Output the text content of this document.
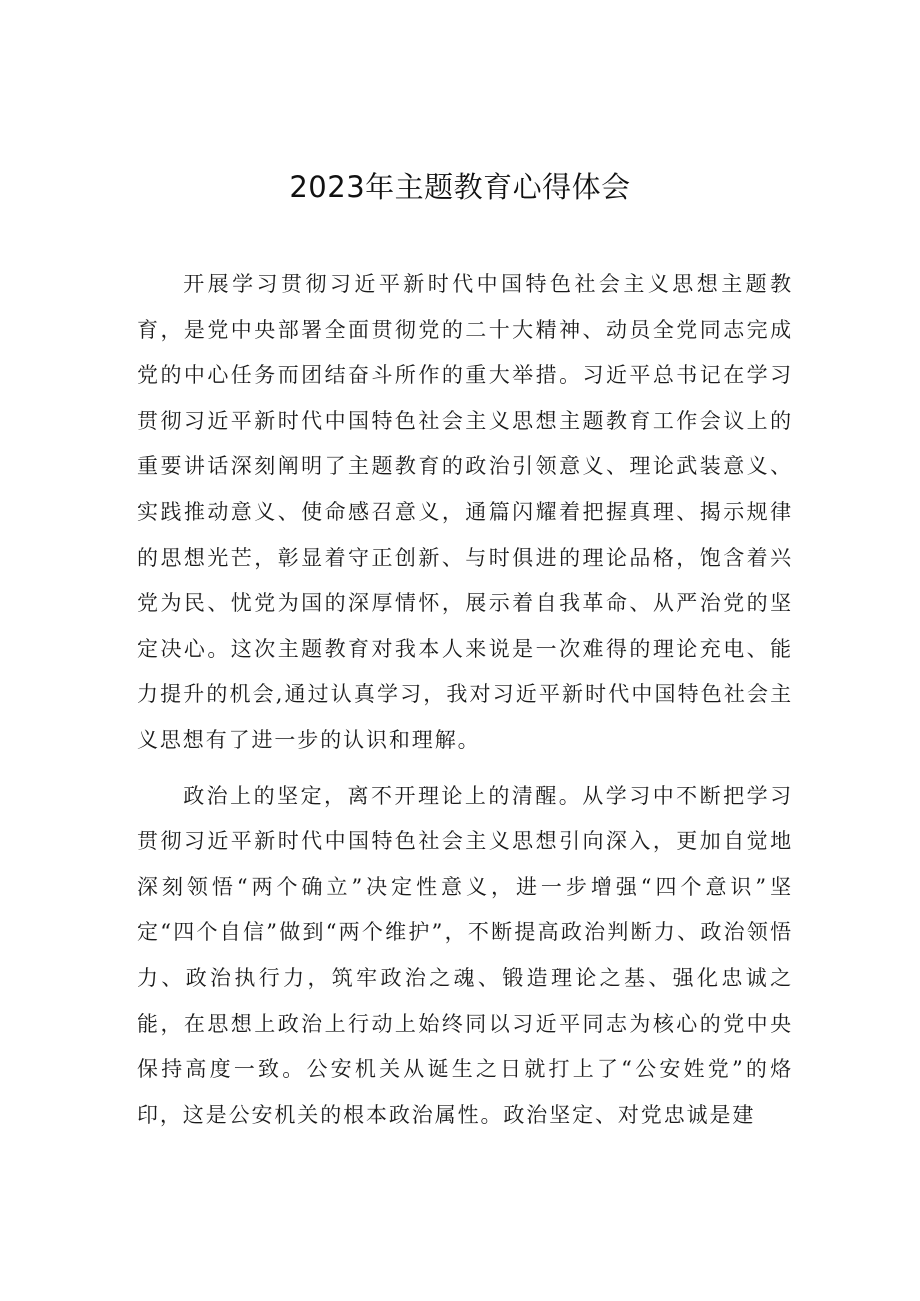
2023年主题教育心得体会

开展学习贯彻习近平新时代中国特色社会主义思想主题教育，是党中央部署全面贯彻党的二十大精神、动员全党同志完成党的中心任务而团结奋斗所作的重大举措。习近平总书记在学习贯彻习近平新时代中国特色社会主义思想主题教育工作会议上的重要讲话深刻阐明了主题教育的政治引领意义、理论武装意义、实践推动意义、使命感召意义，通篇闪耀着把握真理、揭示规律的思想光芒，彰显着守正创新、与时俱进的理论品格，饱含着兴党为民、忧党为国的深厚情怀，展示着自我革命、从严治党的坚定决心。这次主题教育对我本人来说是一次难得的理论充电、能力提升的机会,通过认真学习，我对习近平新时代中国特色社会主义思想有了进一步的认识和理解。

政治上的坚定，离不开理论上的清醒。从学习中不断把学习贯彻习近平新时代中国特色社会主义思想引向深入，更加自觉地深刻领悟“两个确立”决定性意义，进一步增强“四个意识”坚定“四个自信”做到“两个维护”，不断提高政治判断力、政治领悟力、政治执行力，筑牢政治之魂、锻造理论之基、强化忠诚之能，在思想上政治上行动上始终同以习近平同志为核心的党中央保持高度一致。公安机关从诞生之日就打上了“公安姓党”的烙印，这是公安机关的根本政治属性。政治坚定、对党忠诚是建
